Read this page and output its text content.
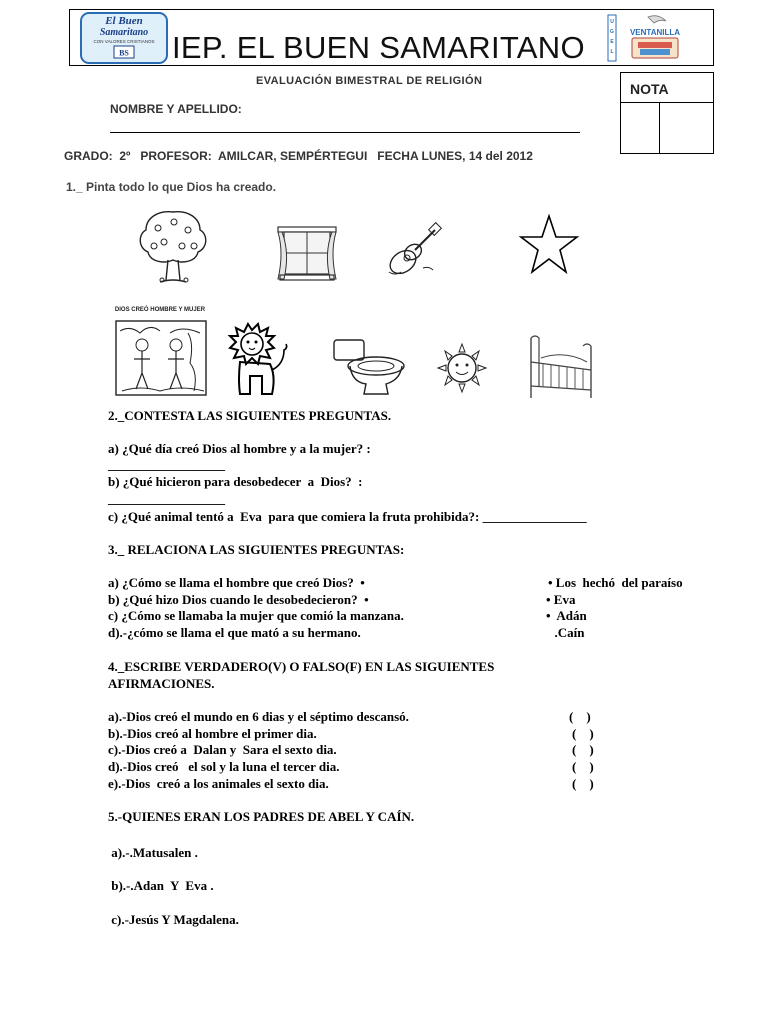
El Buen
Samaritano
CON VALORES CRISTIANOS
BS IEP. EL BUEN SAMARITANO
U
G
E
L
VENTANILLA
EVALUACIÓN BIMESTRAL DE RELIGIÓN	NOTA
NOMBRE Y APELLIDO:
GRADO:  2º   PROFESOR:  AMILCAR, SEMPÉRTEGUI   FECHA LUNES, 14 del 2012
1._ Pinta todo lo que Dios ha creado.
DIOS CREÓ HOMBRE Y MUJER
2._CONTESTA LAS SIGUIENTES PREGUNTAS.
a) ¿Qué día creó Dios al hombre y a la mujer? :
__________________
b) ¿Qué hicieron para desobedecer  a  Dios?  :
__________________
c) ¿Qué animal tentó a  Eva  para que comiera la fruta prohibida?: ________________
3._ RELACIONA LAS SIGUIENTES PREGUNTAS:
a) ¿Cómo se llama el hombre que creó Dios?  •
b) ¿Qué hizo Dios cuando le desobedecieron?  •
c) ¿Cómo se llamaba la mujer que comió la manzana.
d).-¿cómo se llama el que mató a su hermano.
• Los  hechó  del paraíso
• Eva
•  Adán
.Caín
4._ESCRIBE VERDADERO(V) O FALSO(F) EN LAS SIGUIENTES
AFIRMACIONES.
a).-Dios creó el mundo en 6 dias y el séptimo descansó.
b).-Dios creó al hombre el primer dia.
c).-Dios creó a  Dalan y  Sara el sexto dia.
d).-Dios creó   el sol y la luna el tercer dia.
e).-Dios  creó a los animales el sexto dia.
(    )
(    )
(    )
(    )
(    )
5.-QUIENES ERAN LOS PADRES DE ABEL Y CAÍN.
a).-.Matusalen .
b).-.Adan  Y  Eva .
c).-Jesús Y Magdalena.
